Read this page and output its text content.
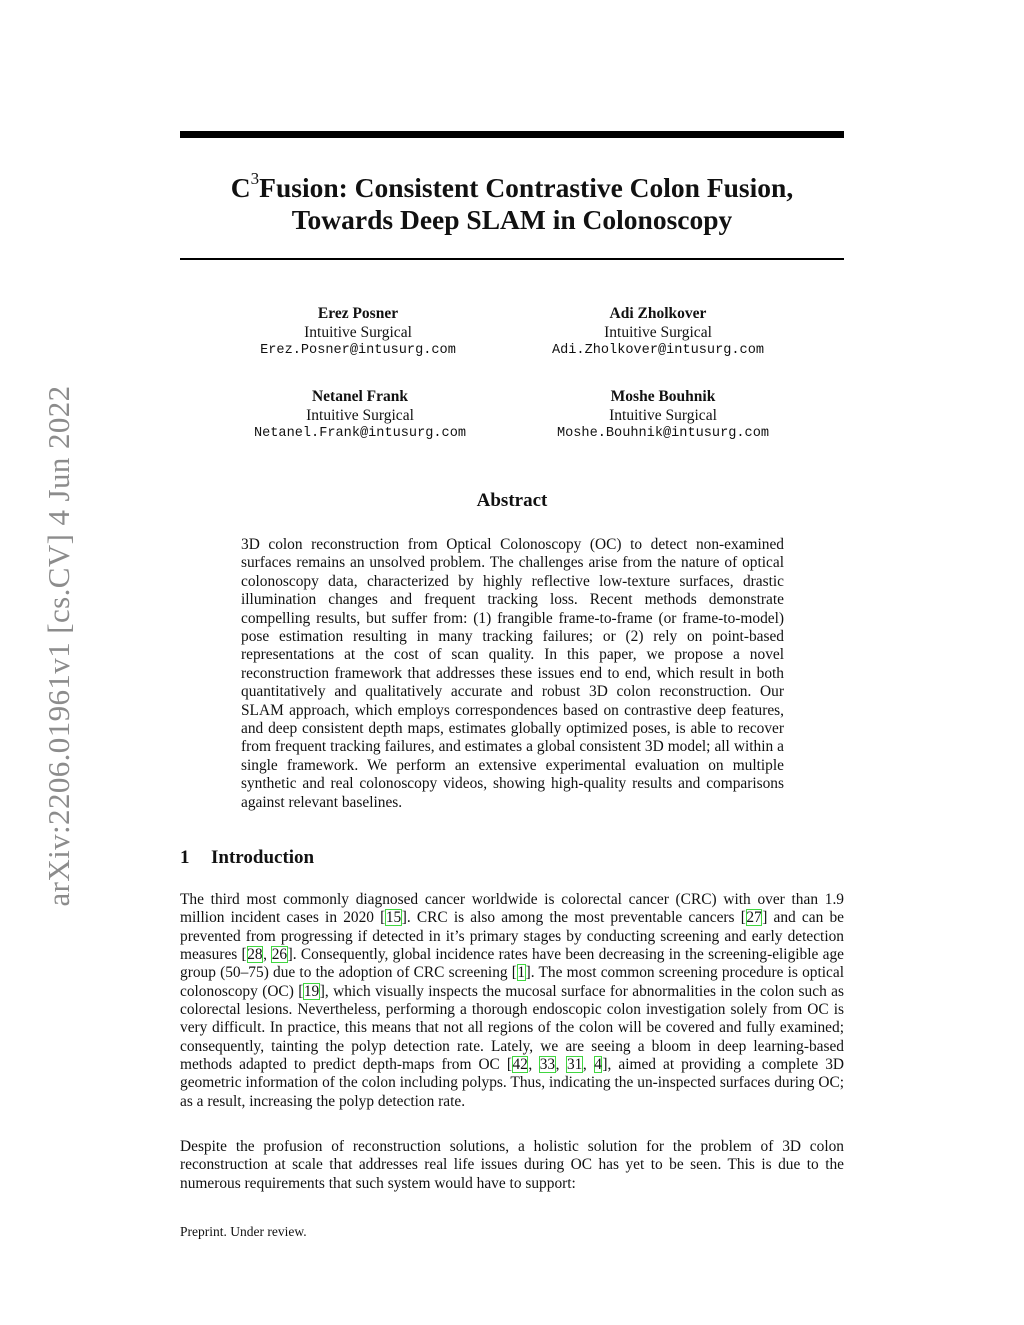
arXiv:2206.01961v1 [cs.CV] 4 Jun 2022
$C^3Fusion$: Consistent Contrastive Colon Fusion,
Towards Deep SLAM in Colonoscopy
Erez Posner
Intuitive Surgical
Erez.Posner@intusurg.com
Adi Zholkover
Intuitive Surgical
Adi.Zholkover@intusurg.com
Netanel Frank
Intuitive Surgical
Netanel.Frank@intusurg.com
Moshe Bouhnik
Intuitive Surgical
Moshe.Bouhnik@intusurg.com
Abstract

3D colon reconstruction from Optical Colonoscopy (OC) to detect non-examined surfaces remains an unsolved problem. The challenges arise from the nature of optical colonoscopy data, characterized by highly reflective low-texture surfaces, drastic illumination changes and frequent tracking loss. Recent methods demonstrate compelling results, but suffer from: (1) frangible frame-to-frame (or frame-to-model) pose estimation resulting in many tracking failures; or (2) rely on point-based representations at the cost of scan quality. In this paper, we propose a novel reconstruction framework that addresses these issues end to end, which result in both quantitatively and qualitatively accurate and robust 3D colon reconstruction. Our SLAM approach, which employs correspondences based on contrastive deep features, and deep consistent depth maps, estimates globally optimized poses, is able to recover from frequent tracking failures, and estimates a global consistent 3D model; all within a single framework. We perform an extensive experimental evaluation on multiple synthetic and real colonoscopy videos, showing high-quality results and comparisons against relevant baselines.

1 Introduction

The third most commonly diagnosed cancer worldwide is colorectal cancer (CRC) with over than 1.9 million incident cases in 2020 [15]. CRC is also among the most preventable cancers [27] and can be prevented from progressing if detected in it’s primary stages by conducting screening and early detection measures [28, 26]. Consequently, global incidence rates have been decreasing in the screening-eligible age group (50–75) due to the adoption of CRC screening [1]. The most common screening procedure is optical colonoscopy (OC) [19], which visually inspects the mucosal surface for abnormalities in the colon such as colorectal lesions. Nevertheless, performing a thorough endoscopic colon investigation solely from OC is very difficult. In practice, this means that not all regions of the colon will be covered and fully examined; consequently, tainting the polyp detection rate. Lately, we are seeing a bloom in deep learning-based methods adapted to predict depth-maps from OC [42, 33, 31, 4], aimed at providing a complete 3D geometric information of the colon including polyps. Thus, indicating the un-inspected surfaces during OC; as a result, increasing the polyp detection rate.

Despite the profusion of reconstruction solutions, a holistic solution for the problem of 3D colon reconstruction at scale that addresses real life issues during OC has yet to be seen. This is due to the numerous requirements that such system would have to support:

Preprint. Under review.
